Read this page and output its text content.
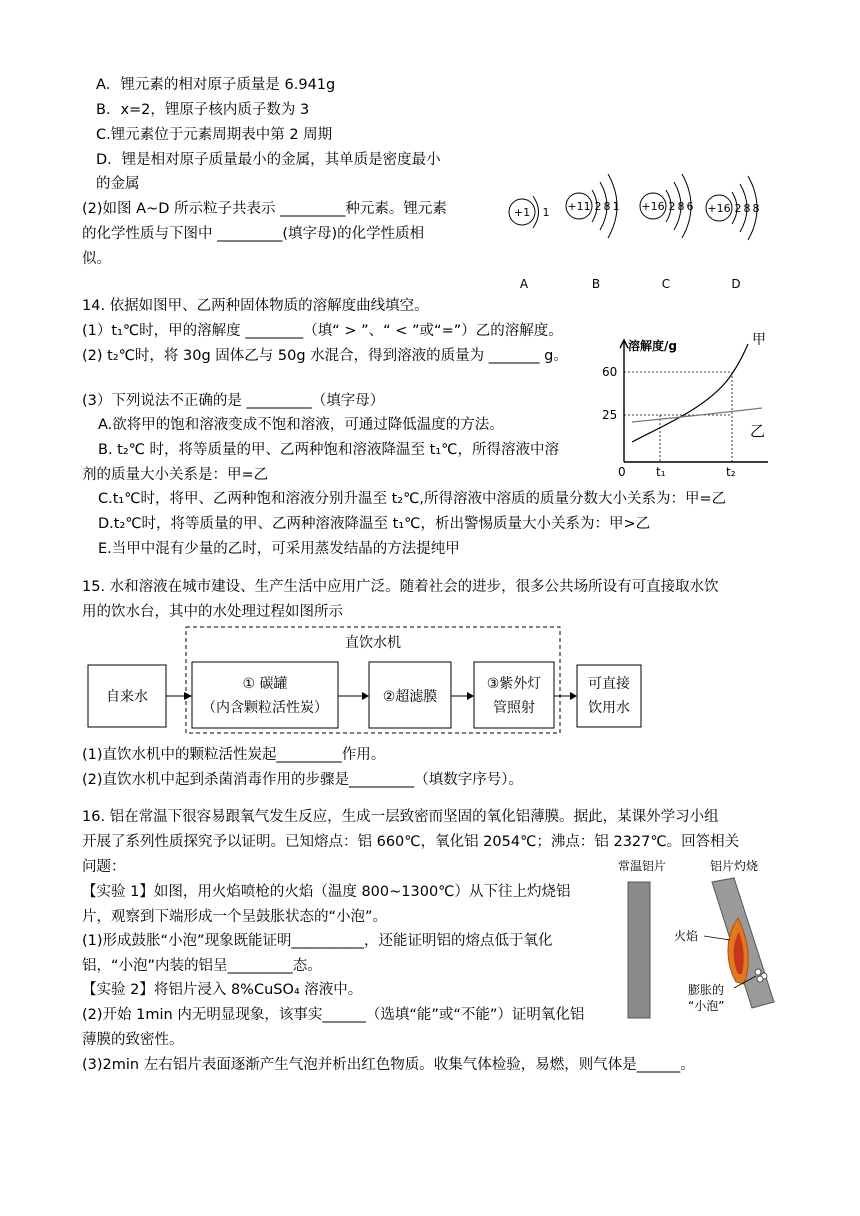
A．锂元素的相对原子质量是 6.941g
B．x=2，锂原子核内质子数为 3
C.锂元素位于元素周期表中第 2 周期
D．锂是相对原子质量最小的金属，其单质是密度最小
的金属
(2)如图 A~D 所示粒子共表示 _________种元素。锂元素
的化学性质与下图中 _________(填字母)的化学性质相
似。
+1 1 +11 2 8 1 +16 2 8 6 +16 2 8 8
A	B	C	D
14. 依据如图甲、乙两种固体物质的溶解度曲线填空。
(1）t₁℃时，甲的溶解度 ________（填“ > ”、“ < ”或“=”）乙的溶解度。
(2) t₂℃时，将 30g 固体乙与 50g 水混合，得到溶液的质量为 _______ g。
(3）下列说法不正确的是 _________（填字母）
A.欲将甲的饱和溶液变成不饱和溶液，可通过降低温度的方法。
B. t₂℃ 时，将等质量的甲、乙两种饱和溶液降温至 t₁℃，所得溶液中溶
剂的质量大小关系是：甲=乙
C.t₁℃时，将甲、乙两种饱和溶液分别升温至 t₂℃,所得溶液中溶质的质量分数大小关系为：甲=乙
D.t₂℃时，将等质量的甲、乙两种溶液降温至 t₁℃，析出警惕质量大小关系为：甲>乙
E.当甲中混有少量的乙时，可采用蒸发结晶的方法提纯甲
溶解度/g
60
25
0	t₁	t₂
甲
乙
15. 水和溶液在城市建设、生产生活中应用广泛。随着社会的进步，很多公共场所设有可直接取水饮
用的饮水台，其中的水处理过程如图所示
直饮水机
自来水
① 碳罐
（内含颗粒活性炭）
②超滤膜
③紫外灯
管照射
可直接
饮用水
(1)直饮水机中的颗粒活性炭起_________作用。
(2)直饮水机中起到杀菌消毒作用的步骤是_________（填数字序号）。
16. 铝在常温下很容易跟氧气发生反应，生成一层致密而坚固的氧化铝薄膜。据此，某课外学习小组
开展了系列性质探究予以证明。已知熔点：铝 660℃，氧化铝 2054℃；沸点：铝 2327℃。回答相关
问题：
【实验 1】如图，用火焰喷枪的火焰（温度 800~1300℃）从下往上灼烧铝
片，观察到下端形成一个呈鼓胀状态的“小泡”。
(1)形成鼓胀“小泡”现象既能证明__________，还能证明铝的熔点低于氧化
铝，“小泡”内装的铝呈_________态。
【实验 2】将铝片浸入 8%CuSO₄ 溶液中。
(2)开始 1min 内无明显现象，该事实______（选填“能”或“不能”）证明氧化铝
薄膜的致密性。
(3)2min 左右铝片表面逐渐产生气泡并析出红色物质。收集气体检验，易燃，则气体是______。
常温铝片	铝片灼烧
火焰
膨胀的
“小泡”
